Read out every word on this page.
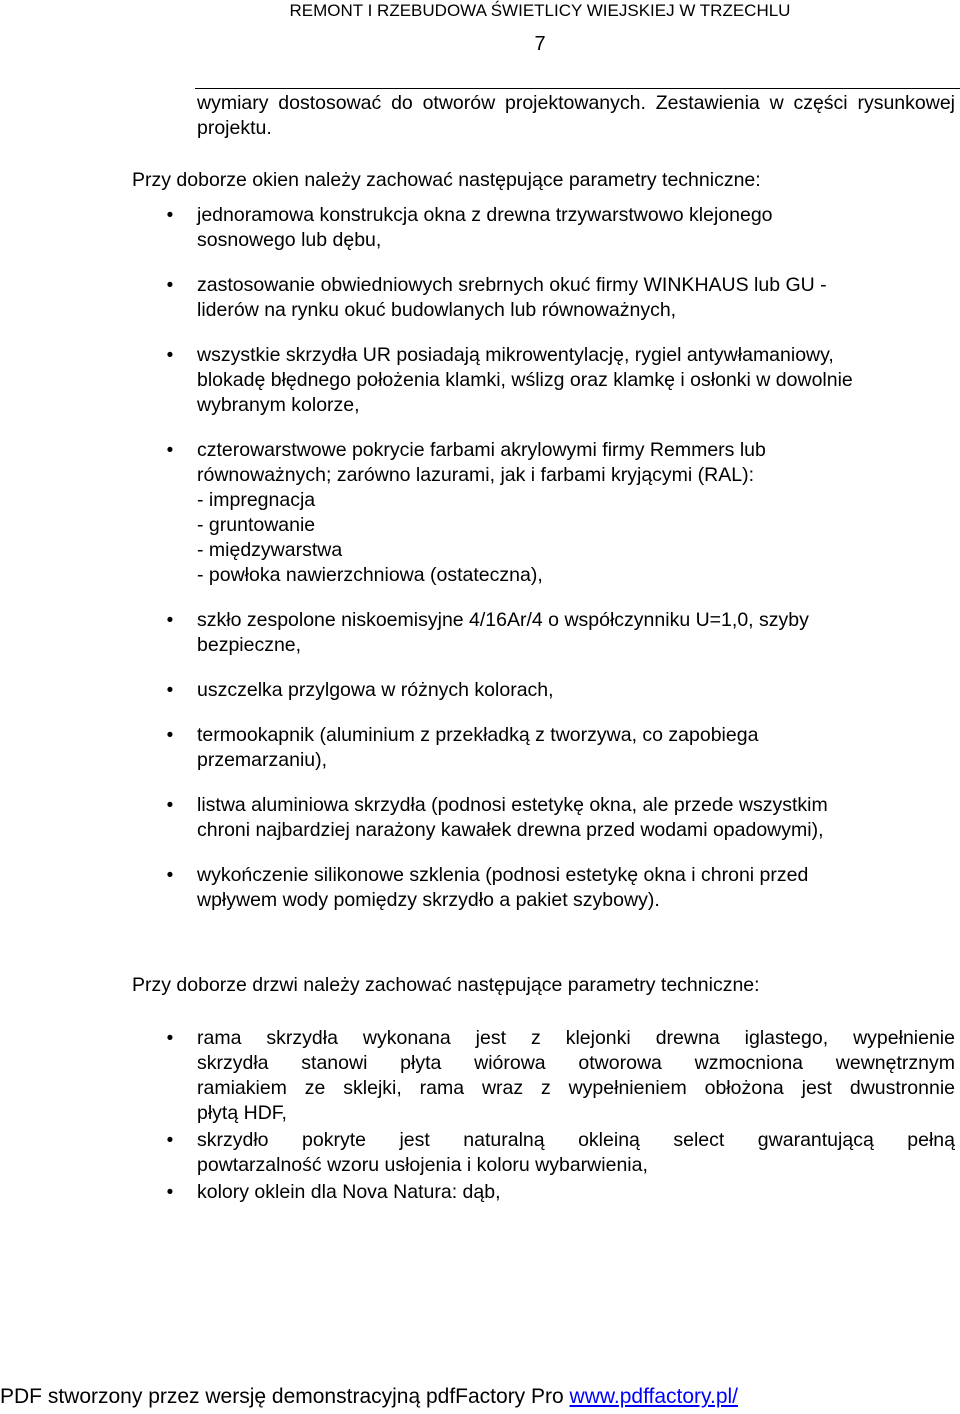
REMONT I RZEBUDOWA ŚWIETLICY WIEJSKIEJ W TRZECHLU
7
wymiary dostosować do otworów projektowanych. Zestawienia w części rysunkowej projektu.
Przy doborze okien należy zachować następujące parametry techniczne:
• jednoramowa konstrukcja okna z drewna trzywarstwowo klejonego
sosnowego lub dębu,
• zastosowanie obwiedniowych srebrnych okuć firmy WINKHAUS lub GU -
liderów na rynku okuć budowlanych lub równoważnych,
• wszystkie skrzydła UR posiadają mikrowentylację, rygiel antywłamaniowy,
blokadę błędnego położenia klamki, wślizg oraz klamkę i osłonki w dowolnie
wybranym kolorze,
• czterowarstwowe pokrycie farbami akrylowymi firmy Remmers lub
równoważnych; zarówno lazurami, jak i farbami kryjącymi (RAL):
- impregnacja
- gruntowanie
- międzywarstwa
- powłoka nawierzchniowa (ostateczna),
• szkło zespolone niskoemisyjne 4/16Ar/4 o współczynniku U=1,0, szyby
bezpieczne,
• uszczelka przylgowa w różnych kolorach,
• termookapnik (aluminium z przekładką z tworzywa, co zapobiega
przemarzaniu),
• listwa aluminiowa skrzydła (podnosi estetykę okna, ale przede wszystkim
chroni najbardziej narażony kawałek drewna przed wodami opadowymi),
• wykończenie silikonowe szklenia (podnosi estetykę okna i chroni przed
wpływem wody pomiędzy skrzydło a pakiet szybowy).
Przy doborze drzwi należy zachować następujące parametry techniczne:
• rama skrzydła wykonana jest z klejonki drewna iglastego, wypełnienie
skrzydła stanowi płyta wiórowa otworowa wzmocniona wewnętrznym
ramiakiem ze sklejki, rama wraz z wypełnieniem obłożona jest dwustronnie
płytą HDF,
• skrzydło pokryte jest naturalną okleiną select gwarantującą pełną
powtarzalność wzoru usłojenia i koloru wybarwienia,
• kolory oklein dla Nova Natura: dąb,
PDF stworzony przez wersję demonstracyjną pdfFactory Pro www.pdffactory.pl/
